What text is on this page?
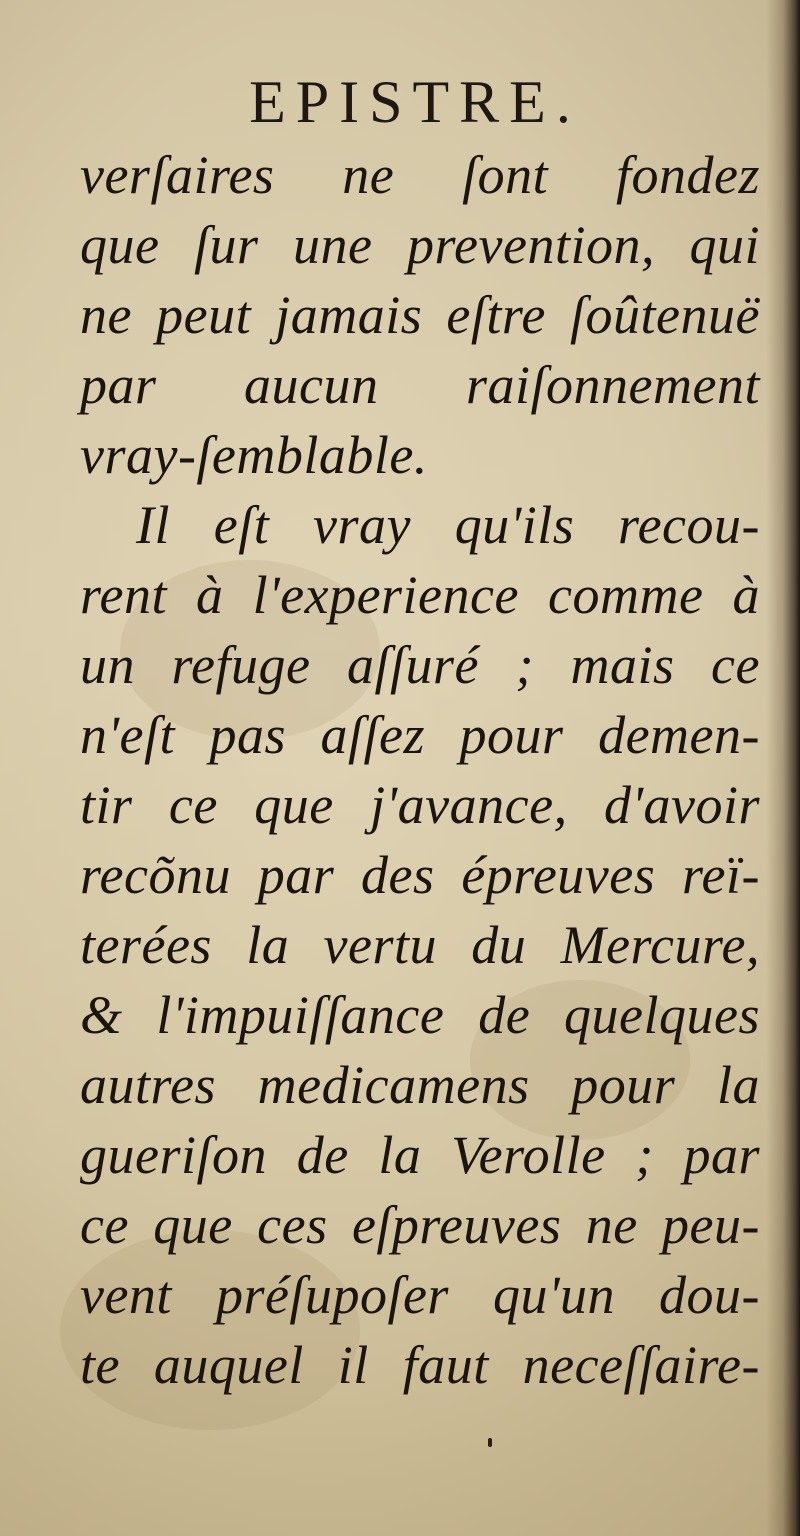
EPISTRE.
verſaires ne ſont fondez
que ſur une prevention, qui
ne peut jamais eſtre ſoûtenuë
par aucun raiſonnement
vray-ſemblable.
Il eſt vray qu'ils recou-
rent à l'experience comme à
un refuge aſſuré ; mais ce
n'eſt pas aſſez pour demen-
tir ce que j'avance, d'avoir
recõnu par des épreuves reï-
terées la vertu du Mercure,
& l'impuiſſance de quelques
autres medicamens pour la
gueriſon de la Verolle ; par
ce que ces eſpreuves ne peu-
vent préſupoſer qu'un dou-
te auquel il faut neceſſaire-
